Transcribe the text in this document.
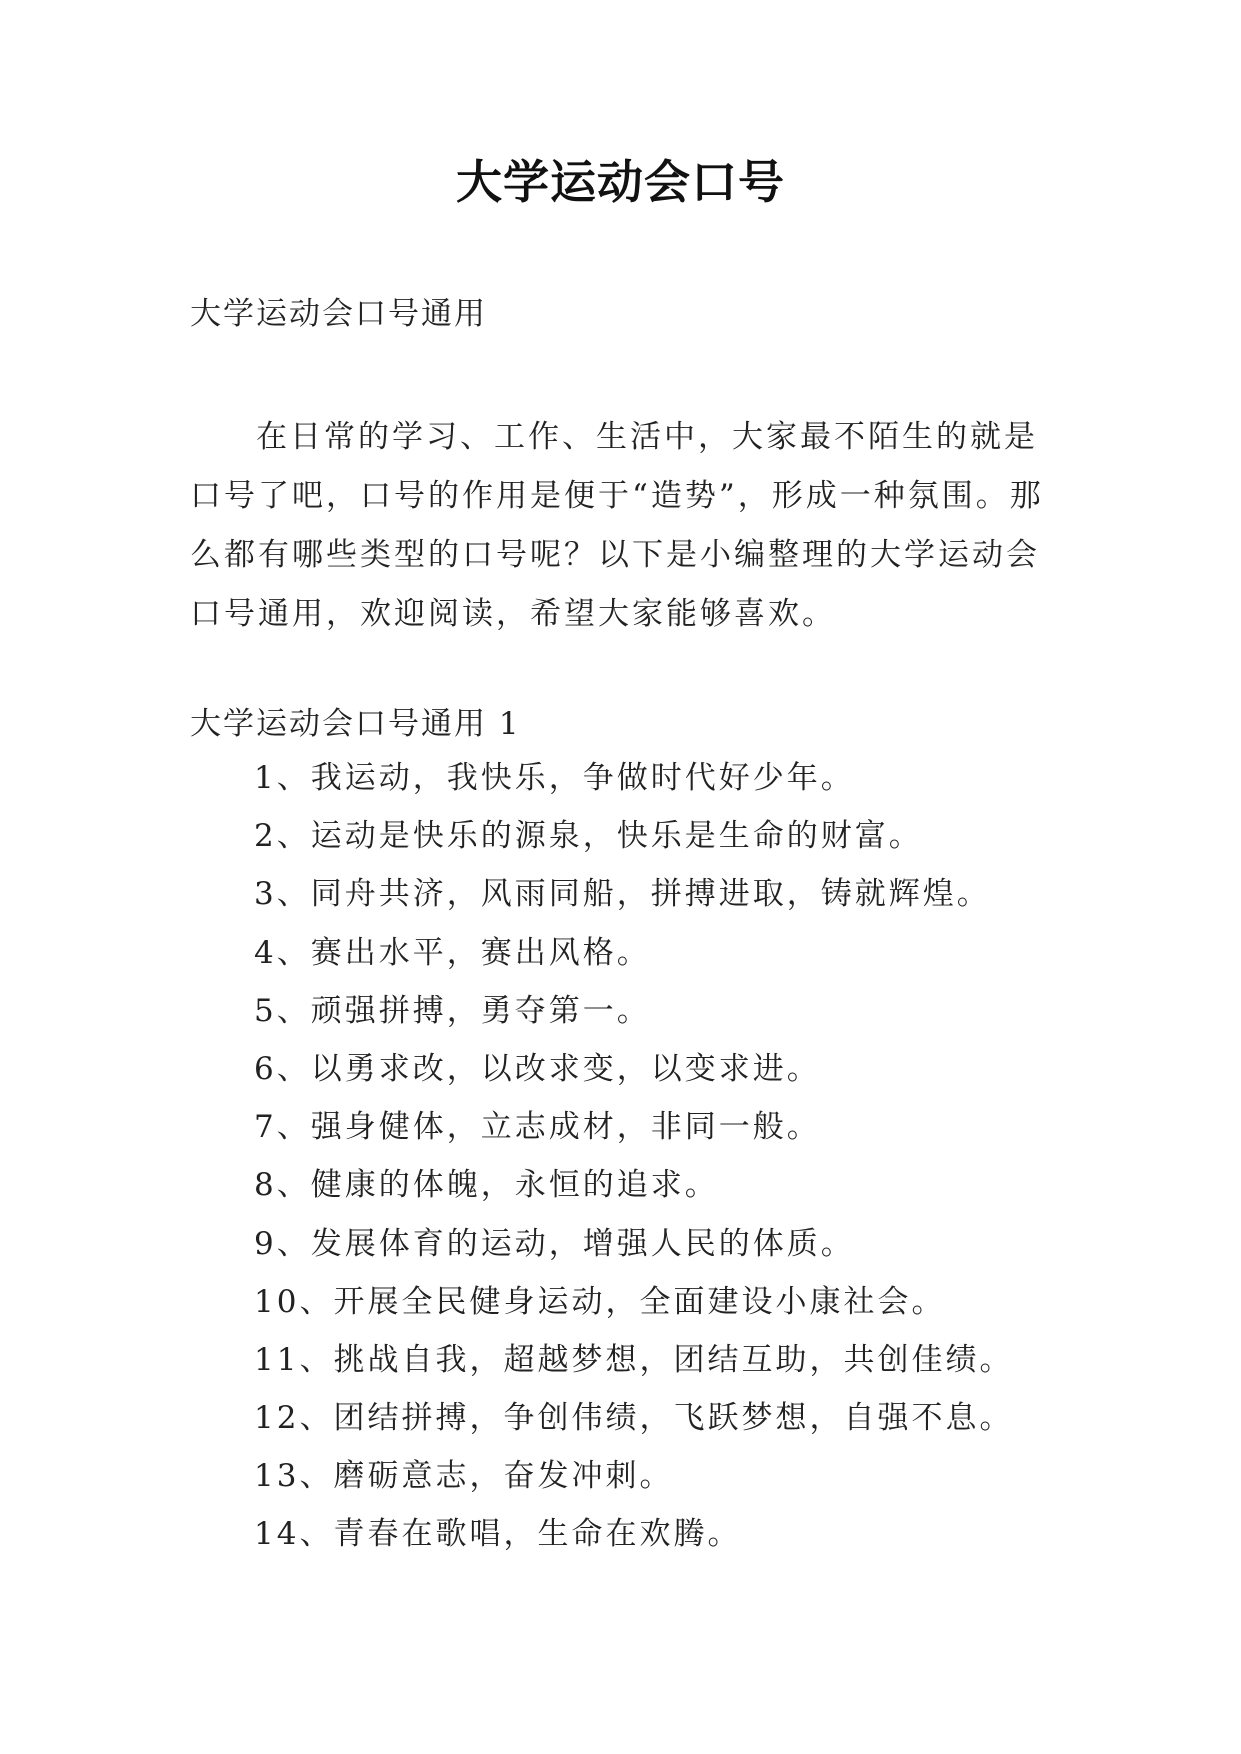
大学运动会口号
大学运动会口号通用

在日常的学习、工作、生活中，大家最不陌生的就是口号了吧，口号的作用是便于“造势”，形成一种氛围。那么都有哪些类型的口号呢？以下是小编整理的大学运动会口号通用，欢迎阅读，希望大家能够喜欢。

大学运动会口号通用 1
1、我运动，我快乐，争做时代好少年。
2、运动是快乐的源泉，快乐是生命的财富。
3、同舟共济，风雨同船，拼搏进取，铸就辉煌。
4、赛出水平，赛出风格。
5、顽强拼搏，勇夺第一。
6、以勇求改，以改求变，以变求进。
7、强身健体，立志成材，非同一般。
8、健康的体魄，永恒的追求。
9、发展体育的运动，增强人民的体质。
10、开展全民健身运动，全面建设小康社会。
11、挑战自我，超越梦想，团结互助，共创佳绩。
12、团结拼搏，争创伟绩，飞跃梦想，自强不息。
13、磨砺意志，奋发冲刺。
14、青春在歌唱，生命在欢腾。
